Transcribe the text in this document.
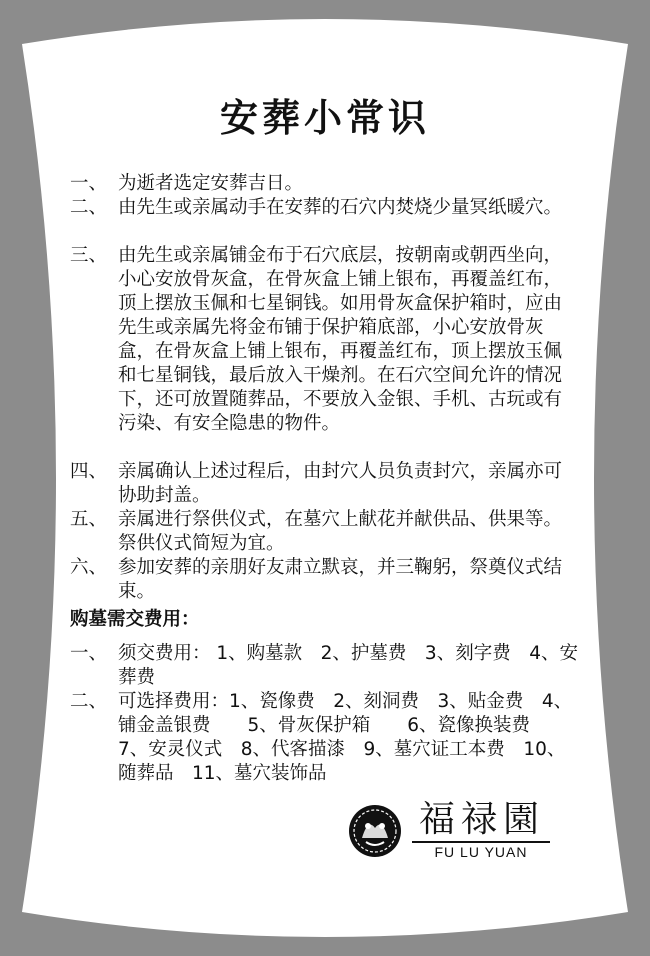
安葬小常识
一、 为逝者选定安葬吉日。
二、 由先生或亲属动手在安葬的石穴内焚烧少量冥纸暖穴。
三、 由先生或亲属铺金布于石穴底层，按朝南或朝西坐向，小心安放骨灰盒，在骨灰盒上铺上银布，再覆盖红布，顶上摆放玉佩和七星铜钱。如用骨灰盒保护箱时，应由先生或亲属先将金布铺于保护箱底部，小心安放骨灰盒，在骨灰盒上铺上银布，再覆盖红布，顶上摆放玉佩和七星铜钱，最后放入干燥剂。在石穴空间允许的情况下，还可放置随葬品，不要放入金银、手机、古玩或有污染、有安全隐患的物件。
四、 亲属确认上述过程后，由封穴人员负责封穴，亲属亦可协助封盖。
五、 亲属进行祭供仪式，在墓穴上献花并献供品、供果等。祭供仪式简短为宜。
六、 参加安葬的亲朋好友肃立默哀，并三鞠躬，祭奠仪式结束。
购墓需交费用：
一、 须交费用： 1、购墓款　2、护墓费　3、刻字费　4、安葬费
二、 可选择费用：1、瓷像费　2、刻洞费　3、贴金费　4、铺金盖银费　　5、骨灰保护箱　　6、瓷像换装费　7、安灵仪式　8、代客描漆　9、墓穴证工本费　10、随葬品　11、墓穴装饰品
福禄園
FU LU YUAN
